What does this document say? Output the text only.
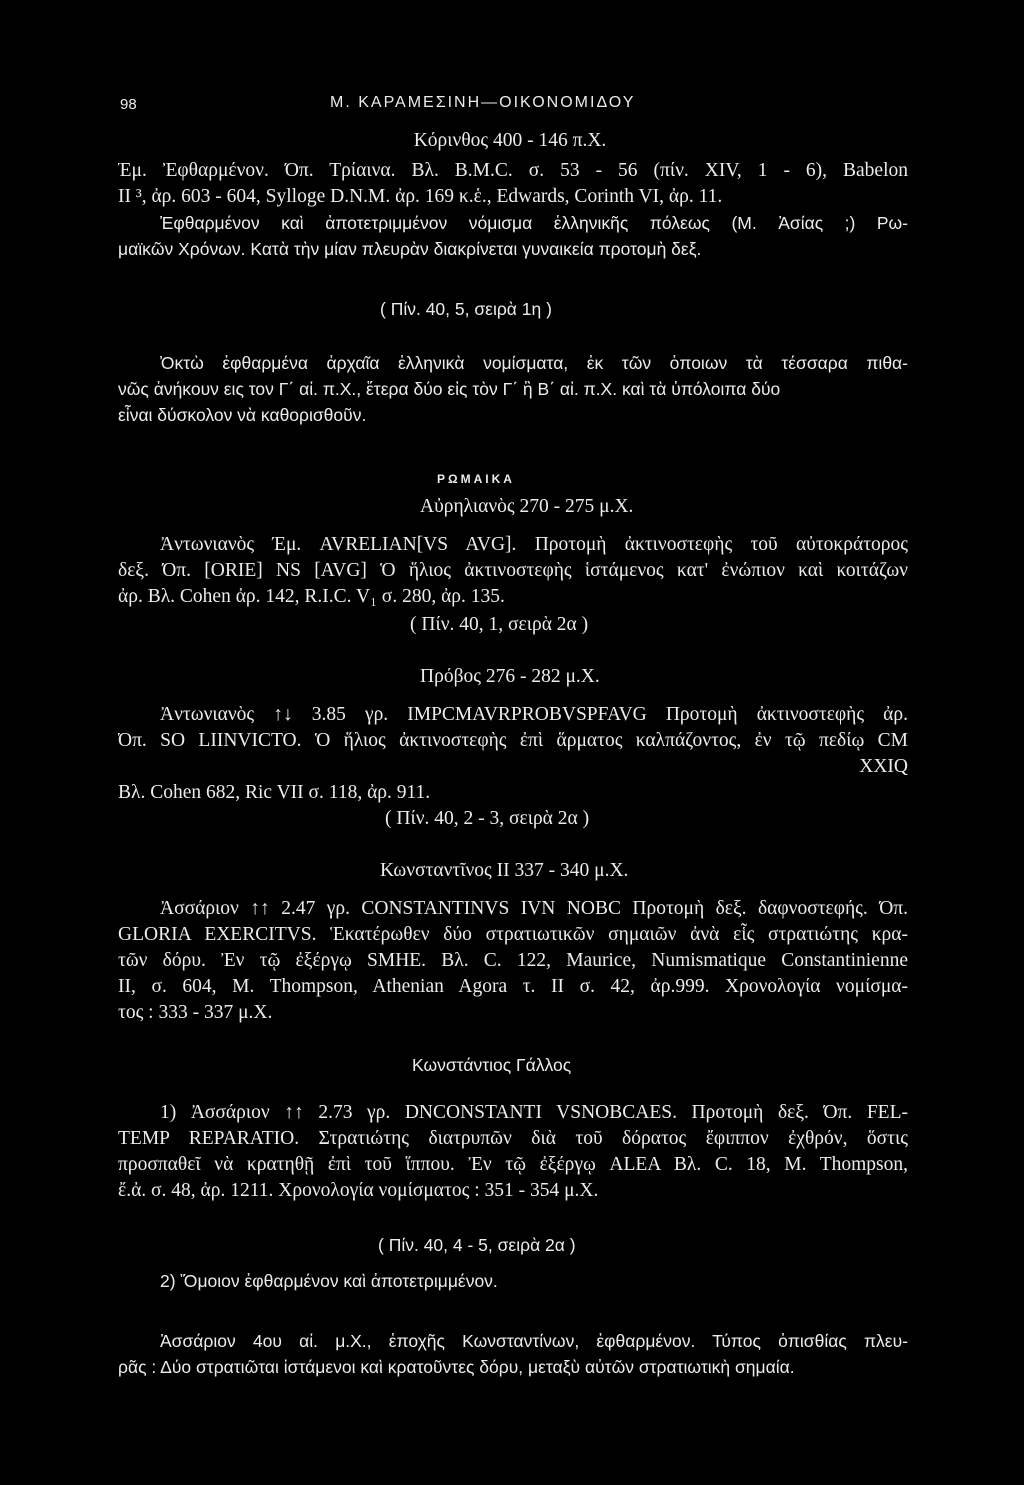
98	Μ. ΚΑΡΑΜΕΣΙΝΗ—ΟΙΚΟΝΟΜΙΔΟΥ
Κόρινθος 400 - 146 π.Χ.
Έμ. Ἐφθαρμένον. Όπ. Τρίαινα. Βλ. Β.Μ.C. σ. 53 - 56 (πίν. XIV, 1 - 6), Babelon
II ³, ἀρ. 603 - 604, Sylloge D.N.M. ἀρ. 169 κ.ἑ., Edwards, Corinth VI, ἀρ. 11.
Ἐφθαρμένον καὶ ἀποτετριμμένον νόμισμα ἑλληνικῆς πόλεως (Μ. Ἀσίας ;) Ρω-
μαϊκῶν Χρόνων. Κατὰ τὴν μίαν πλευρὰν διακρίνεται γυναικεία προτομὴ δεξ.
( Πίν. 40, 5, σειρὰ 1η )
Ὀκτὼ ἐφθαρμένα ἀρχαῖα ἑλληνικὰ νομίσματα, ἐκ τῶν ὁποιων τὰ τέσσαρα πιθα-
νῶς ἀνήκουν εις τον Γ΄ αἰ. π.Χ., ἕτερα δύο εἰς τὸν Γ΄ ἢ Β΄ αἰ. π.Χ. καὶ τὰ ὑπόλοιπα δύο
εἶναι δύσκολον νὰ καθορισθοῦν.
ΡΩΜΑΙΚΑ
Αὐρηλιανὸς 270 - 275 μ.Χ.
Ἀντωνιανὸς Έμ. AVRELIAN[VS AVG]. Προτομὴ ἀκτινοστεφὴς τοῦ αὐτοκράτορος
δεξ. Όπ. [ORIE] NS [AVG] Ὁ ἥλιος ἀκτινοστεφὴς ἱστάμενος κατ' ἐνώπιον καὶ κοιτάζων
ἀρ. Βλ. Cohen ἀρ. 142, R.I.C. V₁ σ. 280, ἀρ. 135.
( Πίν. 40, 1, σειρὰ 2α )
Πρόβος 276 - 282 μ.Χ.
Ἀντωνιανὸς ↑↓ 3.85 γρ. IMPCMAVRPROBVSPFAVG Προτομὴ ἀκτινοστεφὴς ἀρ.
Όπ. SO LIINVICTO. Ὁ ἥλιος ἀκτινοστεφὴς ἐπὶ ἅρματος καλπάζοντος, ἐν τῷ πεδίῳ CM
XXIQ
Βλ. Cohen 682, Ric VII σ. 118, ἀρ. 911.
( Πίν. 40, 2 - 3, σειρὰ 2α )
Κωνσταντῖνος ΙΙ 337 - 340 μ.Χ.
Ἀσσάριον ↑↑ 2.47 γρ. CONSTANTINVS IVN NOBC Προτομὴ δεξ. δαφνοστεφής. Όπ.
GLORIA EXERCITVS. Ἑκατέρωθεν δύο στρατιωτικῶν σημαιῶν ἀνὰ εἷς στρατιώτης κρα-
τῶν δόρυ. Ἐν τῷ ἐξέργῳ SMHE. Βλ. C. 122, Maurice, Numismatique Constantinienne
II, σ. 604, M. Thompson, Athenian Agora τ. II σ. 42, ἀρ.999. Χρονολογία νομίσμα-
τος : 333 - 337 μ.Χ.
Κωνστάντιος Γάλλος
1) Ἀσσάριον ↑↑ 2.73 γρ. DNCONSTANTI VSNOBCAES. Προτομὴ δεξ. Όπ. FEL-
TEMP REPARATIO. Στρατιώτης διατρυπῶν διὰ τοῦ δόρατος ἔφιππον ἐχθρόν, ὅστις
προσπαθεῖ νὰ κρατηθῇ ἐπὶ τοῦ ἵππου. Ἐν τῷ ἐξέργῳ ALEA Βλ. C. 18, M. Thompson,
ἔ.ἀ. σ. 48, ἀρ. 1211. Χρονολογία νομίσματος : 351 - 354 μ.Χ.
( Πίν. 40, 4 - 5, σειρὰ 2α )
2) Ὅμοιον ἐφθαρμένον καὶ ἀποτετριμμένον.
Ἀσσάριον 4ου αἰ. μ.Χ., ἐποχῆς Κωνσταντίνων, ἐφθαρμένον. Τύπος ὀπισθίας πλευ-
ρᾶς : Δύο στρατιῶται ἱστάμενοι καὶ κρατοῦντες δόρυ, μεταξὺ αὐτῶν στρατιωτικὴ σημαία.
